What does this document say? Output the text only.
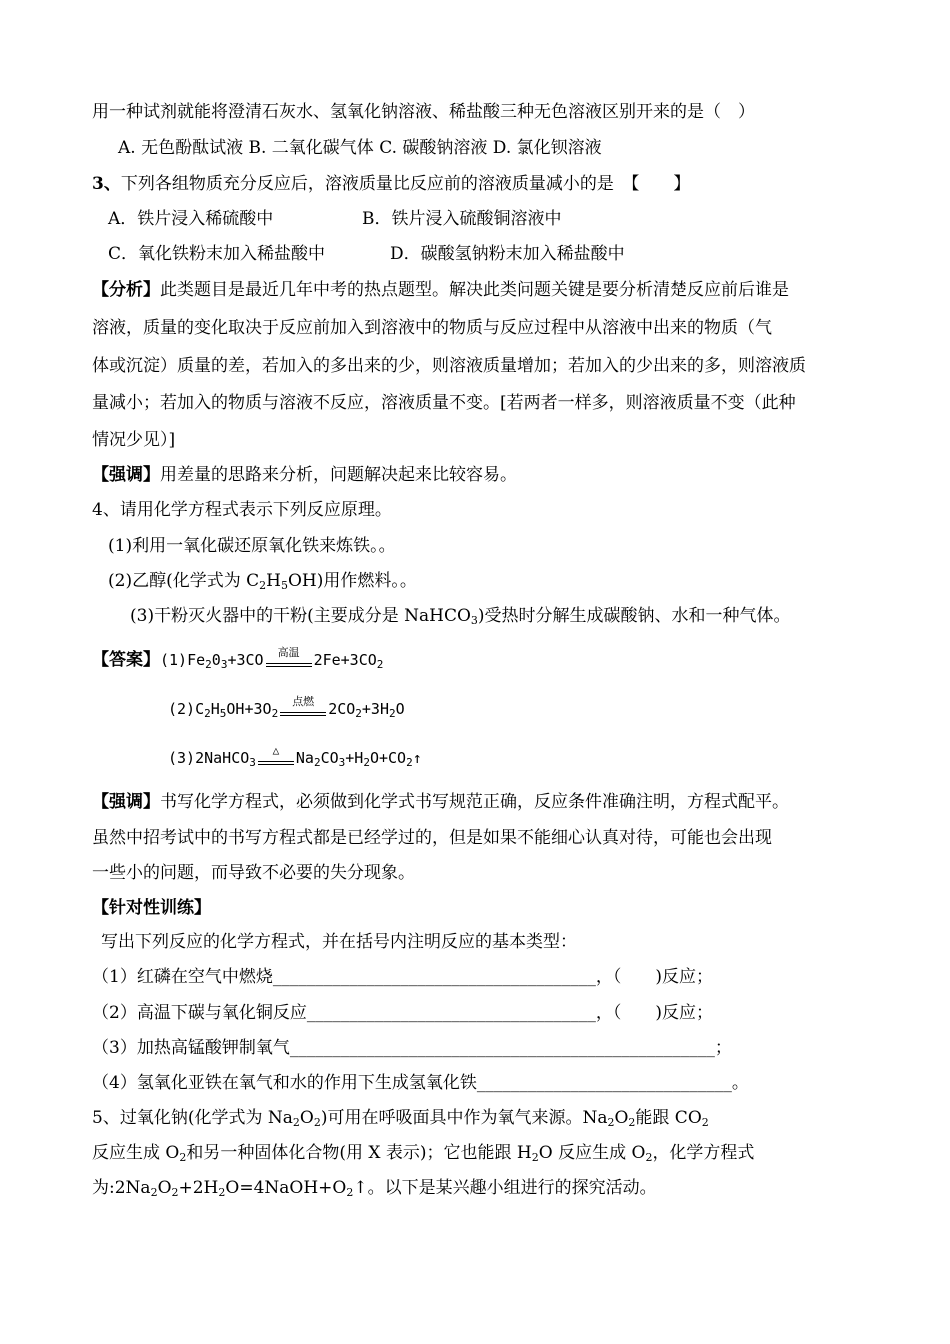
用一种试剂就能将澄清石灰水、氢氧化钠溶液、稀盐酸三种无色溶液区别开来的是（　）
A. 无色酚酞试液 B. 二氧化碳气体 C. 碳酸钠溶液 D. 氯化钡溶液
3、下列各组物质充分反应后，溶液质量比反应前的溶液质量减小的是　【　　】
A．铁片浸入稀硫酸中	B．铁片浸入硫酸铜溶液中
C．氧化铁粉末加入稀盐酸中	D．碳酸氢钠粉末加入稀盐酸中
【分析】此类题目是最近几年中考的热点题型。解决此类问题关键是要分析清楚反应前后谁是
溶液，质量的变化取决于反应前加入到溶液中的物质与反应过程中从溶液中出来的物质（气
体或沉淀）质量的差，若加入的多出来的少，则溶液质量增加；若加入的少出来的多，则溶液质
量减小；若加入的物质与溶液不反应，溶液质量不变。[若两者一样多，则溶液质量不变（此种
情况少见）]
【强调】用差量的思路来分析，问题解决起来比较容易。
4、请用化学方程式表示下列反应原理。
(1)利用一氧化碳还原氧化铁来炼铁。。
(2)乙醇(化学式为 $C_2H_5OH$)用作燃料。。
(3)干粉灭火器中的干粉(主要成分是 NaHCO$_3$)受热时分解生成碳酸钠、水和一种气体。
【答案】$(1)Fe_20_3+3CO$	高温 $2Fe+3CO_2$
$(2)C_2H_5OH+3O_2$
点燃 $2CO_2+3H_2O$
(3)2NaHCO$_3$
△	$Na_2CO_3+H_2O+CO_2↑$
【强调】书写化学方程式，必须做到化学式书写规范正确，反应条件准确注明，方程式配平。
虽然中招考试中的书写方程式都是已经学过的，但是如果不能细心认真对待，可能也会出现
一些小的问题，而导致不必要的失分现象。
【针对性训练】
写出下列反应的化学方程式，并在括号内注明反应的基本类型：
（1）红磷在空气中燃烧______________________________________，（　　)反应；
（2）高温下碳与氧化铜反应__________________________________，（　　)反应；
（3）加热高锰酸钾制氧气__________________________________________________；
（4）氢氧化亚铁在氧气和水的作用下生成氢氧化铁______________________________。
5、过氧化钠(化学式为 $Na_2O_2$)可用在呼吸面具中作为氧气来源。$Na_2O_2$能跟 $CO_2$
反应生成 $O_2$和另一种固体化合物(用 X 表示)；它也能跟 $H_2O$ 反应生成 $O_2$，化学方程式
为$:2Na_2O_2+2H_2O=4NaOH+O_2↑$。以下是某兴趣小组进行的探究活动。
